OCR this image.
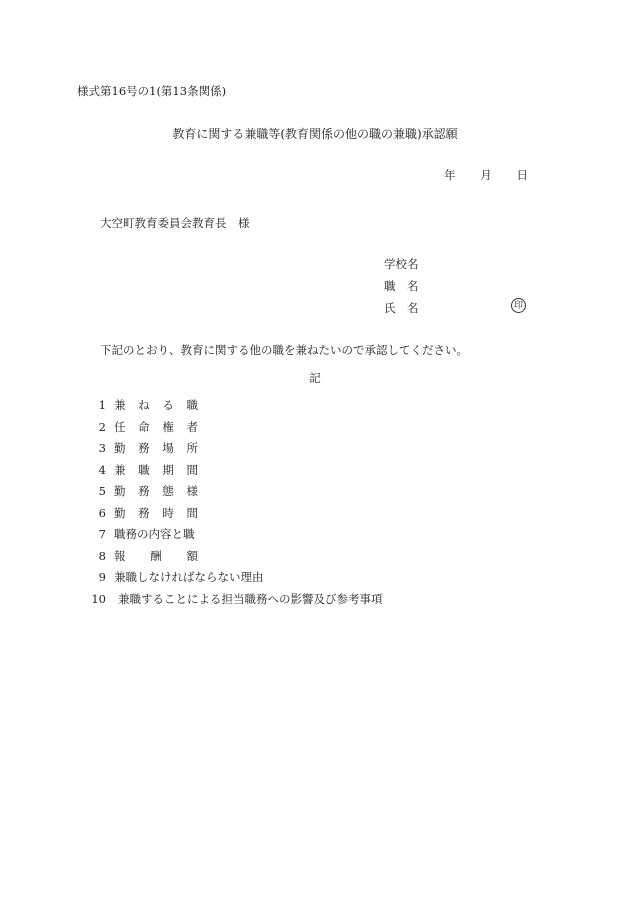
様式第16号の1(第13条関係)
教育に関する兼職等(教育関係の他の職の兼職)承認願
年 月 日
大空町教育委員会教育長　様
学校名
職　名
氏　名	印
下記のとおり、教育に関する他の職を兼ねたいので承認してください。
記
1 兼 ね る 職
2 任 命 権 者
3 勤 務 場 所
4 兼 職 期 間
5 勤 務 態 様
6 勤 務 時 間
7 職務の内容と職
8 報 酬 額
9 兼職しなければならない理由
10 兼職することによる担当職務への影響及び参考事項
